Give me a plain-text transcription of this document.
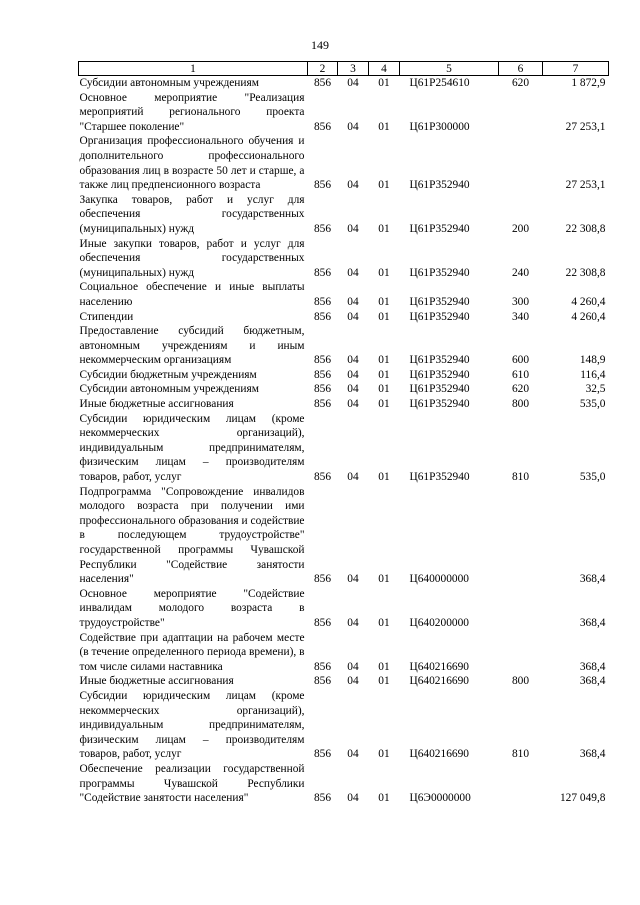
149
1	2	3	4	5	6	7
Субсидии автономным учреждениям	856	04	01	Ц61Р254610	620	1 872,9
Основное мероприятие "Реализация мероприятий регионального проекта "Старшее поколение"	856	04	01	Ц61Р300000		27 253,1
Организация профессионального обучения и дополнительного профессионального образования лиц в возрасте 50 лет и старше, а также лиц предпенсионного возраста	856	04	01	Ц61Р352940		27 253,1
Закупка товаров, работ и услуг для обеспечения государственных (муниципальных) нужд	856	04	01	Ц61Р352940	200	22 308,8
Иные закупки товаров, работ и услуг для обеспечения государственных (муниципальных) нужд	856	04	01	Ц61Р352940	240	22 308,8
Социальное обеспечение и иные выплаты населению	856	04	01	Ц61Р352940	300	4 260,4
Стипендии	856	04	01	Ц61Р352940	340	4 260,4
Предоставление субсидий бюджетным, автономным учреждениям и иным некоммерческим организациям	856	04	01	Ц61Р352940	600	148,9
Субсидии бюджетным учреждениям	856	04	01	Ц61Р352940	610	116,4
Субсидии автономным учреждениям	856	04	01	Ц61Р352940	620	32,5
Иные бюджетные ассигнования	856	04	01	Ц61Р352940	800	535,0
Субсидии юридическим лицам (кроме некоммерческих организаций), индивидуальным предпринимателям, физическим лицам – производителям товаров, работ, услуг	856	04	01	Ц61Р352940	810	535,0
Подпрограмма "Сопровождение инвалидов молодого возраста при получении ими профессионального образования и содействие в последующем трудоустройстве" государственной программы Чувашской Республики "Содействие занятости населения"	856	04	01	Ц640000000		368,4
Основное мероприятие "Содействие инвалидам молодого возраста в трудоустройстве"	856	04	01	Ц640200000		368,4
Содействие при адаптации на рабочем месте (в течение определенного периода времени), в том числе силами наставника	856	04	01	Ц640216690		368,4
Иные бюджетные ассигнования	856	04	01	Ц640216690	800	368,4
Субсидии юридическим лицам (кроме некоммерческих организаций), индивидуальным предпринимателям, физическим лицам – производителям товаров, работ, услуг	856	04	01	Ц640216690	810	368,4
Обеспечение реализации государственной программы Чувашской Республики "Содействие занятости населения"	856	04	01	Ц6Э0000000		127 049,8
